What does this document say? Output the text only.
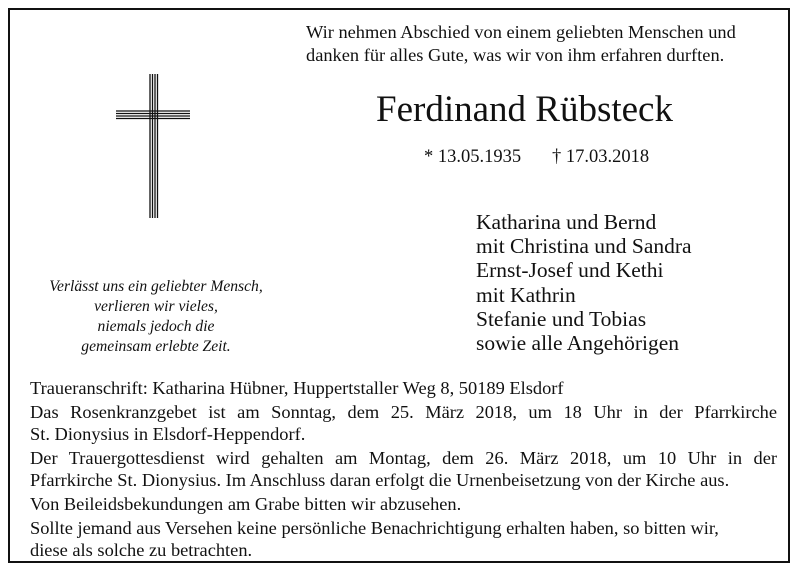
Wir nehmen Abschied von einem geliebten Menschen und
danken für alles Gute, was wir von ihm erfahren durften.

Ferdinand Rübsteck
* 13.05.1935 † 17.03.2018
Verlässt uns ein geliebter Mensch,
verlieren wir vieles,
niemals jedoch die
gemeinsam erlebte Zeit.
Katharina und Bernd
mit Christina und Sandra
Ernst-Josef und Kethi
mit Kathrin
Stefanie und Tobias
sowie alle Angehörigen
Traueranschrift: Katharina Hübner, Huppertstaller Weg 8, 50189 Elsdorf
Das Rosenkranzgebet ist am Sonntag, dem 25. März 2018, um 18 Uhr in der Pfarrkirche
St. Dionysius in Elsdorf-Heppendorf.
Der Trauergottesdienst wird gehalten am Montag, dem 26. März 2018, um 10 Uhr in der
Pfarrkirche St. Dionysius. Im Anschluss daran erfolgt die Urnenbeisetzung von der Kirche aus.
Von Beileidsbekundungen am Grabe bitten wir abzusehen.
Sollte jemand aus Versehen keine persönliche Benachrichtigung erhalten haben, so bitten wir,
diese als solche zu betrachten.
